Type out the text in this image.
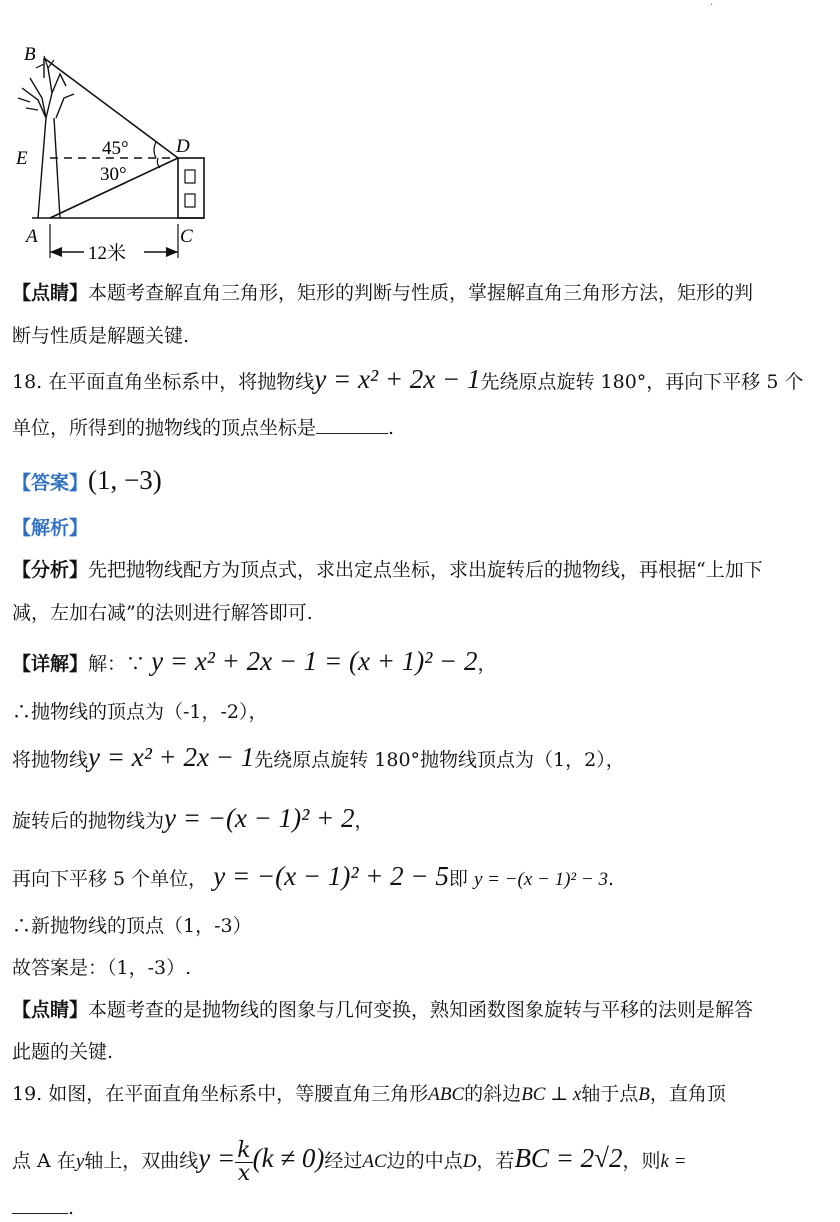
·
B
E
D
A	C
45°
30°
12米
【点睛】本题考查解直角三角形，矩形的判断与性质，掌握解直角三角形方法，矩形的判
断与性质是解题关键.
18. 在平面直角坐标系中，将抛物线y = x² + 2x − 1先绕原点旋转 180°，再向下平移 5 个
单位，所得到的抛物线的顶点坐标是	.
【答案】(1, −3)
【解析】
【分析】先把抛物线配方为顶点式，求出定点坐标，求出旋转后的抛物线，再根据“上加下
减，左加右减”的法则进行解答即可.
【详解】解：∵ y = x² + 2x − 1 = (x + 1)² − 2，
∴抛物线的顶点为（-1，-2），
将抛物线y = x² + 2x − 1先绕原点旋转 180°抛物线顶点为（1，2），
旋转后的抛物线为y = −(x − 1)² + 2，
再向下平移 5 个单位， y = −(x − 1)² + 2 − 5即 y = −(x − 1)² − 3.
∴新抛物线的顶点（1，-3）
故答案是：（1，-3）.
【点睛】本题考查的是抛物线的图象与几何变换，熟知函数图象旋转与平移的法则是解答
此题的关键.
19. 如图，在平面直角坐标系中，等腰直角三角形ABC的斜边BC ⊥ x轴于点B，直角顶
点 A 在y轴上，双曲线$y = \frac{k}{x} (k \ne 0)$经过AC边的中点D，若BC = 2√2，则k =
.
